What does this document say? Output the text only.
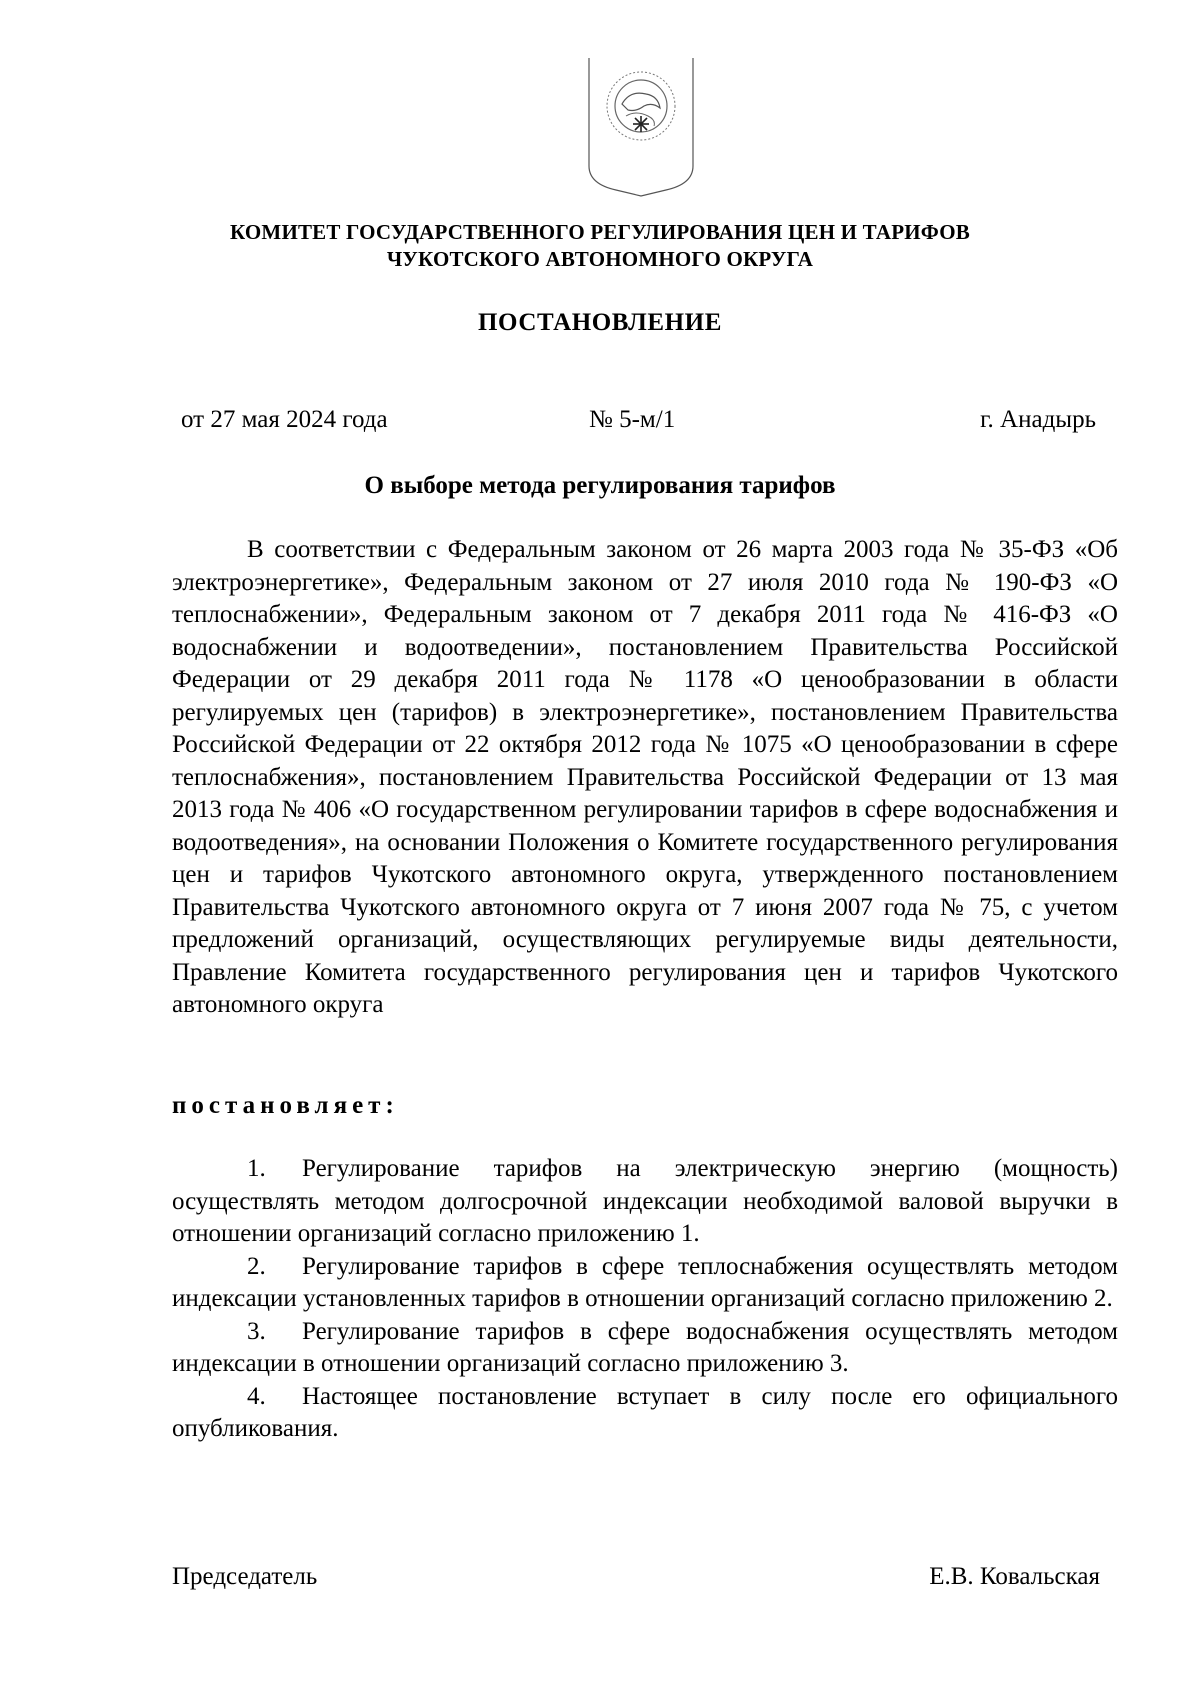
КОМИТЕТ ГОСУДАРСТВЕННОГО РЕГУЛИРОВАНИЯ ЦЕН И ТАРИФОВ
ЧУКОТСКОГО АВТОНОМНОГО ОКРУГА
ПОСТАНОВЛЕНИЕ
от 27 мая 2024 года	№ 5-м/1	г. Анадырь
О выборе метода регулирования тарифов
В соответствии с Федеральным законом от 26 марта 2003 года № 35-ФЗ «Об электроэнергетике», Федеральным законом от 27 июля 2010 года № 190-ФЗ «О теплоснабжении», Федеральным законом от 7 декабря 2011 года № 416-ФЗ «О водоснабжении и водоотведении», постановлением Правительства Российской Федерации от 29 декабря 2011 года № 1178 «О ценообразовании в области регулируемых цен (тарифов) в электроэнергетике», постановлением Правительства Российской Федерации от 22 октября 2012 года № 1075 «О ценообразовании в сфере теплоснабжения», постановлением Правительства Российской Федерации от 13 мая 2013 года № 406 «О государственном регулировании тарифов в сфере водоснабжения и водоотведения», на основании Положения о Комитете государственного регулирования цен и тарифов Чукотского автономного округа, утвержденного постановлением Правительства Чукотского автономного округа от 7 июня 2007 года № 75, с учетом предложений организаций, осуществляющих регулируемые виды деятельности, Правление Комитета государственного регулирования цен и тарифов Чукотского автономного округа
постановляет:
1. Регулирование тарифов на электрическую энергию (мощность) осуществлять методом долгосрочной индексации необходимой валовой выручки в отношении организаций согласно приложению 1.
2. Регулирование тарифов в сфере теплоснабжения осуществлять методом индексации установленных тарифов в отношении организаций согласно приложению 2.
3. Регулирование тарифов в сфере водоснабжения осуществлять методом индексации в отношении организаций согласно приложению 3.
4. Настоящее постановление вступает в силу после его официального опубликования.
Председатель	Е.В. Ковальская
